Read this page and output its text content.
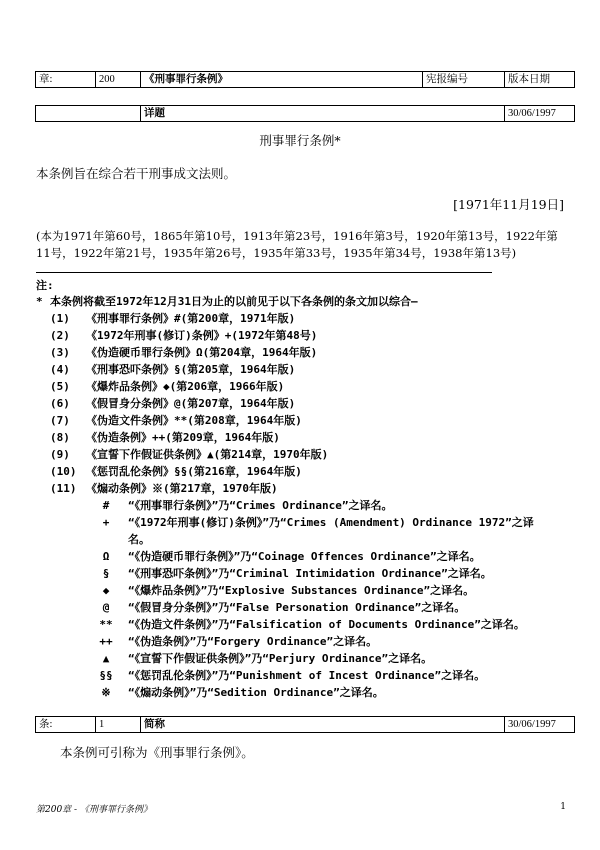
章:	200	《刑事罪行条例》	宪报编号	版本日期
	详题	30/06/1997
刑事罪行条例*
本条例旨在综合若干刑事成文法则。
[1971年11月19日]
(本为1971年第60号，1865年第10号，1913年第23号，1916年第3号，1920年第13号，1922年第11号，1922年第21号，1935年第26号，1935年第33号，1935年第34号，1938年第13号)
注:
* 本条例将截至1972年12月31日为止的以前见于以下各条例的条文加以综合—
(1) 《刑事罪行条例》#(第200章，1971年版)
(2) 《1972年刑事(修订)条例》+(1972年第48号)
(3) 《伪造硬币罪行条例》Ω(第204章，1964年版)
(4) 《刑事恐吓条例》§(第205章，1964年版)
(5) 《爆炸品条例》◆(第206章，1966年版)
(6) 《假冒身分条例》@(第207章，1964年版)
(7) 《伪造文件条例》**(第208章，1964年版)
(8) 《伪造条例》++(第209章，1964年版)
(9) 《宣誓下作假证供条例》▲(第214章，1970年版)
(10) 《惩罚乱伦条例》§§(第216章，1964年版)
(11) 《煽动条例》※(第217章，1970年版)
#	“《刑事罪行条例》”乃“Crimes Ordinance”之译名。
+	“《1972年刑事(修订)条例》”乃“Crimes (Amendment) Ordinance 1972”之译
名。
Ω	“《伪造硬币罪行条例》”乃“Coinage Offences Ordinance”之译名。
§	“《刑事恐吓条例》”乃“Criminal Intimidation Ordinance”之译名。
◆	“《爆炸品条例》”乃“Explosive Substances Ordinance”之译名。
@	“《假冒身分条例》”乃“False Personation Ordinance”之译名。
**	“《伪造文件条例》”乃“Falsification of Documents Ordinance”之译名。
++	“《伪造条例》”乃“Forgery Ordinance”之译名。
▲	“《宣誓下作假证供条例》”乃“Perjury Ordinance”之译名。
§§	“《惩罚乱伦条例》”乃“Punishment of Incest Ordinance”之译名。
※	“《煽动条例》”乃“Sedition Ordinance”之译名。
条:	1	简称	30/06/1997
本条例可引称为《刑事罪行条例》。
第200章 - 《刑事罪行条例》	1
